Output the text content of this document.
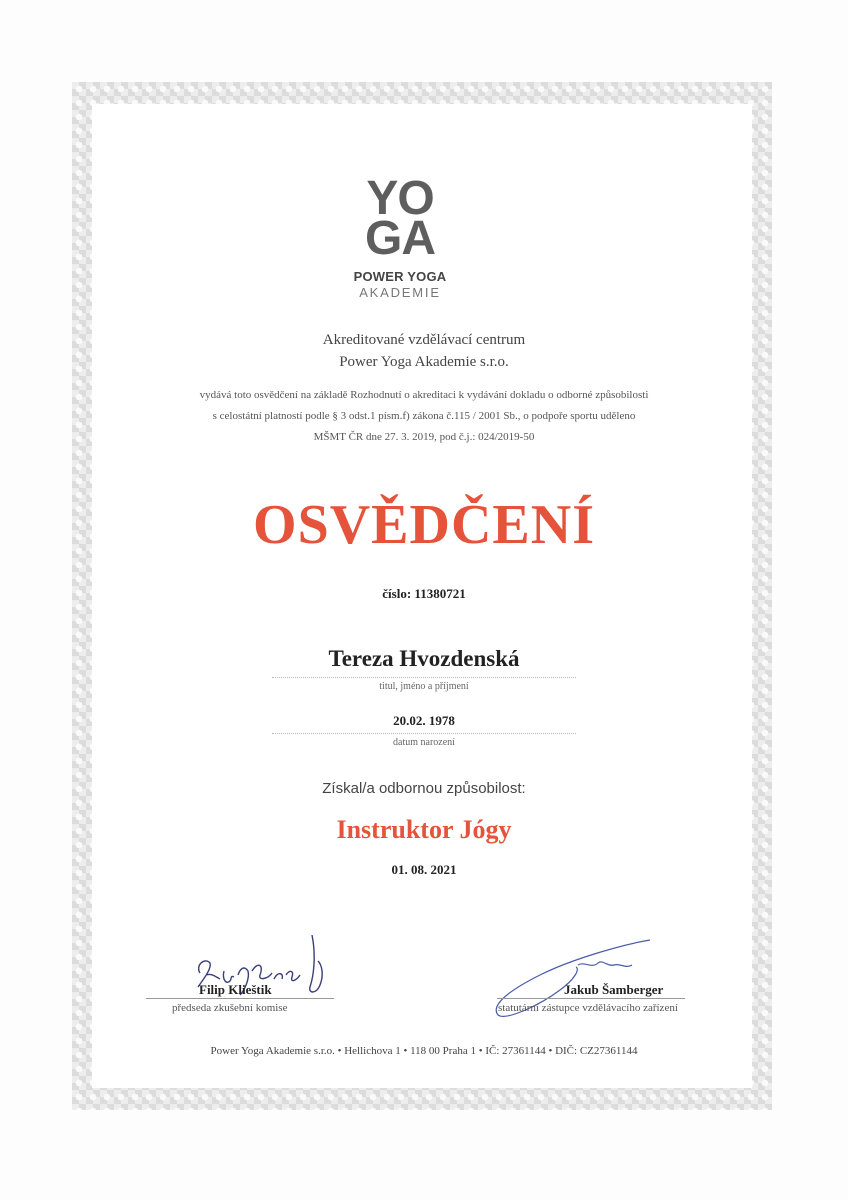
YO
GA
POWER YOGA
AKADEMIE
Akreditované vzdělávací centrum
Power Yoga Akademie s.r.o.
vydává toto osvědčení na základě Rozhodnutí o akreditaci k vydávání dokladu o odborné způsobilosti
s celostátní platností podle § 3 odst.1 písm.f) zákona č.115 / 2001 Sb., o podpoře sportu uděleno
MŠMT ČR dne 27. 3. 2019, pod č.j.: 024/2019-50
OSVĚDČENÍ
číslo: 11380721
Tereza Hvozdenská
titul, jméno a příjmení
20.02. 1978
datum narození
Získal/a odbornou způsobilost:
Instruktor Jógy
01. 08. 2021
Filip Klieštik
předseda zkušební komise
Jakub Šamberger
statutární zástupce vzdělávacího zařízení
Power Yoga Akademie s.r.o. • Hellichova 1 • 118 00 Praha 1 • IČ: 27361144 • DIČ: CZ27361144
